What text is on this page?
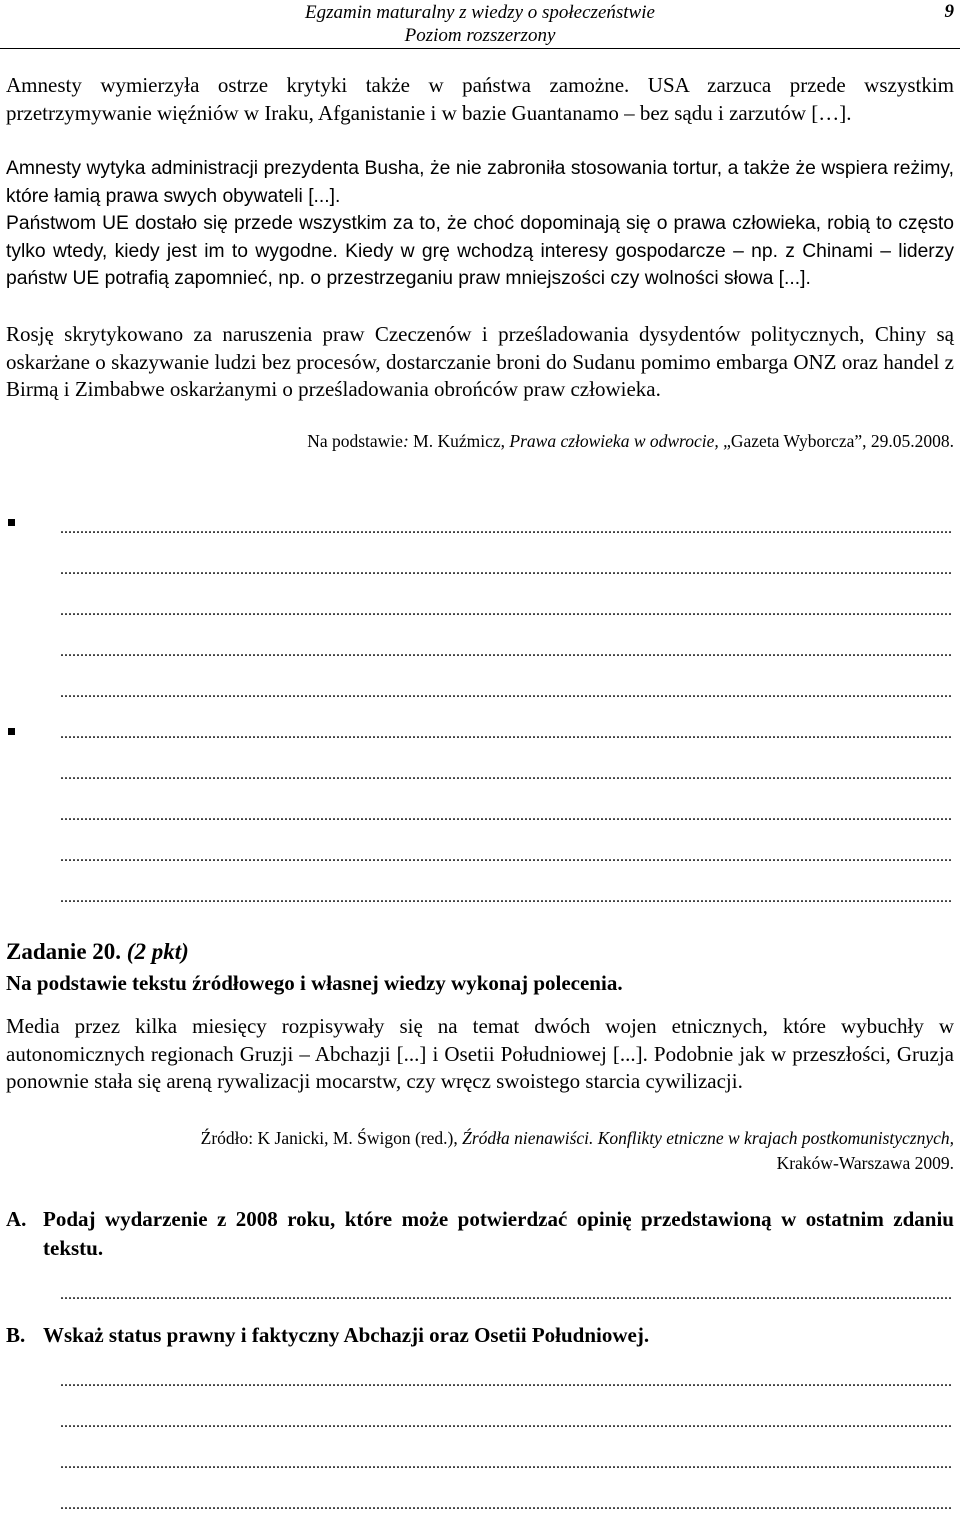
Egzamin maturalny z wiedzy o społeczeństwie
Poziom rozszerzony
9

Amnesty wymierzyła ostrze krytyki także w państwa zamożne. USA zarzuca przede wszystkim przetrzymywanie więźniów w Iraku, Afganistanie i w bazie Guantanamo – bez sądu i zarzutów […].

Amnesty wytyka administracji prezydenta Busha, że nie zabroniła stosowania tortur, a także że wspiera reżimy, które łamią prawa swych obywateli [...].

Państwom UE dostało się przede wszystkim za to, że choć dopominają się o prawa człowieka, robią to często tylko wtedy, kiedy jest im to wygodne. Kiedy w grę wchodzą interesy gospodarcze – np. z Chinami – liderzy państw UE potrafią zapomnieć, np. o przestrzeganiu praw mniejszości czy wolności słowa [...].

Rosję skrytykowano za naruszenia praw Czeczenów i prześladowania dysydentów politycznych, Chiny są oskarżane o skazywanie ludzi bez procesów, dostarczanie broni do Sudanu pomimo embarga ONZ oraz handel z Birmą i Zimbabwe oskarżanymi o prześladowania obrońców praw człowieka.

Na podstawie: M. Kuźmicz, Prawa człowieka w odwrocie, „Gazeta Wyborcza”, 29.05.2008.

...............................................................................................................................................................................................................................
...............................................................................................................................................................................................................................
...............................................................................................................................................................................................................................
...............................................................................................................................................................................................................................
...............................................................................................................................................................................................................................
...............................................................................................................................................................................................................................
...............................................................................................................................................................................................................................
...............................................................................................................................................................................................................................
...............................................................................................................................................................................................................................
...............................................................................................................................................................................................................................
Zadanie 20. (2 pkt)

Na podstawie tekstu źródłowego i własnej wiedzy wykonaj polecenia.

Media przez kilka miesięcy rozpisywały się na temat dwóch wojen etnicznych, które wybuchły w autonomicznych regionach Gruzji – Abchazji [...] i Osetii Południowej [...]. Podobnie jak w przeszłości, Gruzja ponownie stała się areną rywalizacji mocarstw, czy wręcz swoistego starcia cywilizacji.

Źródło: K Janicki, M. Świgon (red.), Źródła nienawiści. Konflikty etniczne w krajach postkomunistycznych,

Kraków-Warszawa 2009.

A. Podaj wydarzenie z 2008 roku, które może potwierdzać opinię przedstawioną w ostatnim zdaniu tekstu.
...............................................................................................................................................................................................................................
B. Wskaż status prawny i faktyczny Abchazji oraz Osetii Południowej.
...............................................................................................................................................................................................................................
...............................................................................................................................................................................................................................
...............................................................................................................................................................................................................................
...............................................................................................................................................................................................................................
